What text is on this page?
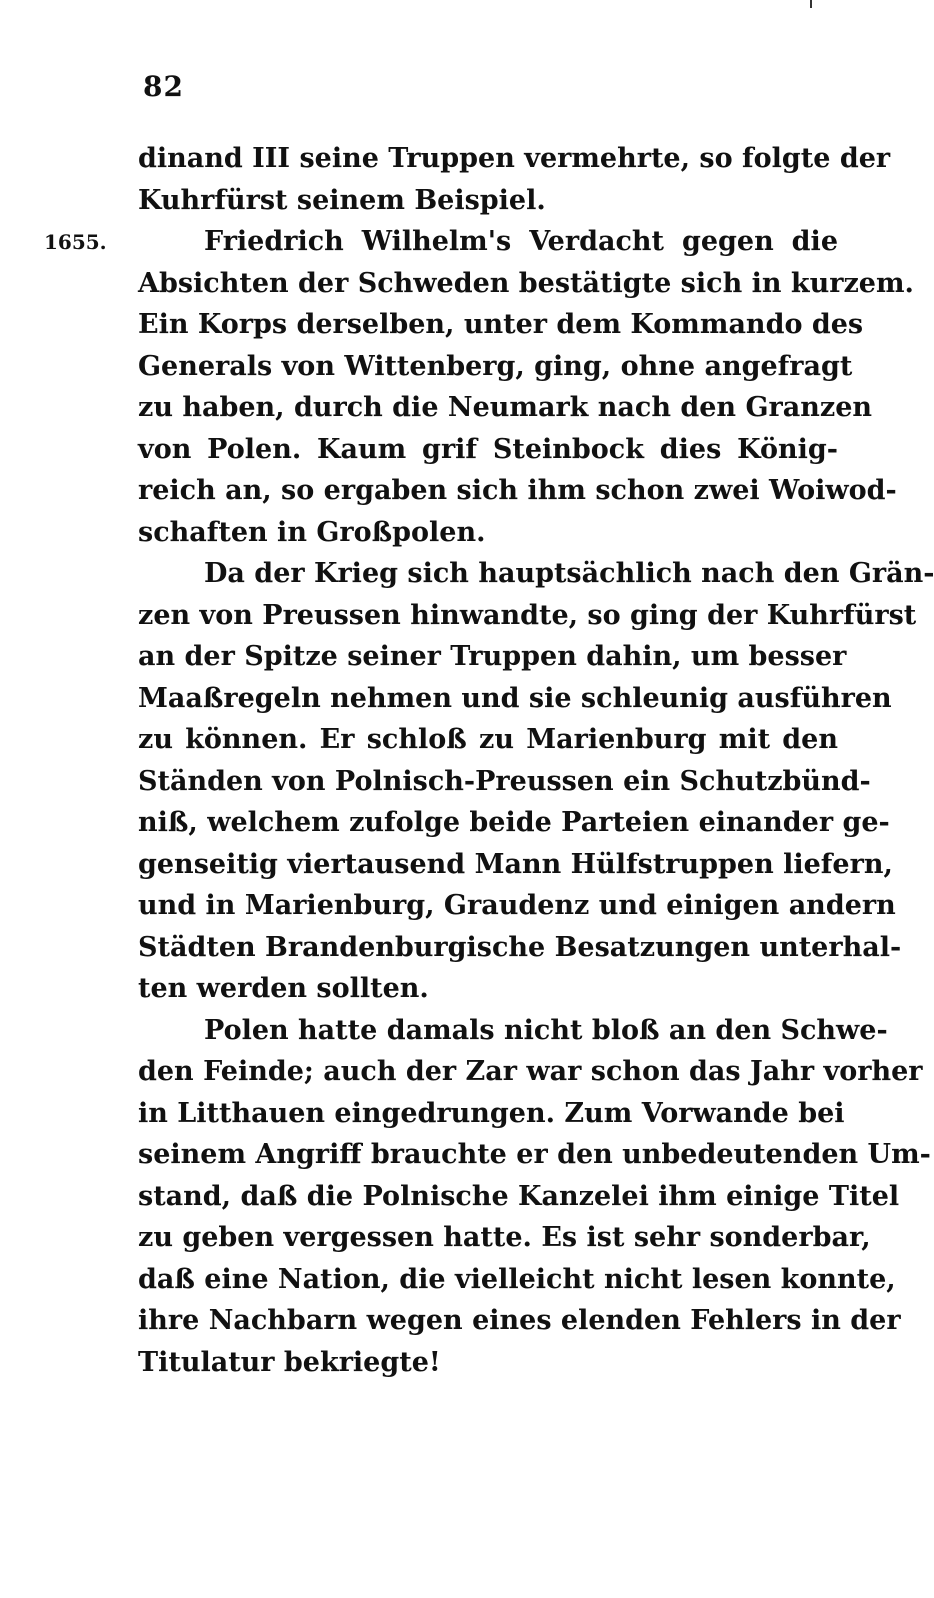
82
1655.
dinand III seine Truppen vermehrte, so folgte der
Kuhrfürst seinem Beispiel.
Friedrich Wilhelm's Verdacht gegen die
Absichten der Schweden bestätigte sich in kurzem.
Ein Korps derselben, unter dem Kommando des
Generals von Wittenberg, ging, ohne angefragt
zu haben, durch die Neumark nach den Granzen
von Polen. Kaum grif Steinbock dies König-
reich an, so ergaben sich ihm schon zwei Woiwod-
schaften in Großpolen.
Da der Krieg sich hauptsächlich nach den Grän-
zen von Preussen hinwandte, so ging der Kuhrfürst
an der Spitze seiner Truppen dahin, um besser
Maaßregeln nehmen und sie schleunig ausführen
zu können. Er schloß zu Marienburg mit den
Ständen von Polnisch-Preussen ein Schutzbünd-
niß, welchem zufolge beide Parteien einander ge-
genseitig viertausend Mann Hülfstruppen liefern,
und in Marienburg, Graudenz und einigen andern
Städten Brandenburgische Besatzungen unterhal-
ten werden sollten.
Polen hatte damals nicht bloß an den Schwe-
den Feinde; auch der Zar war schon das Jahr vorher
in Litthauen eingedrungen. Zum Vorwande bei
seinem Angriff brauchte er den unbedeutenden Um-
stand, daß die Polnische Kanzelei ihm einige Titel
zu geben vergessen hatte. Es ist sehr sonderbar,
daß eine Nation, die vielleicht nicht lesen konnte,
ihre Nachbarn wegen eines elenden Fehlers in der
Titulatur bekriegte!
